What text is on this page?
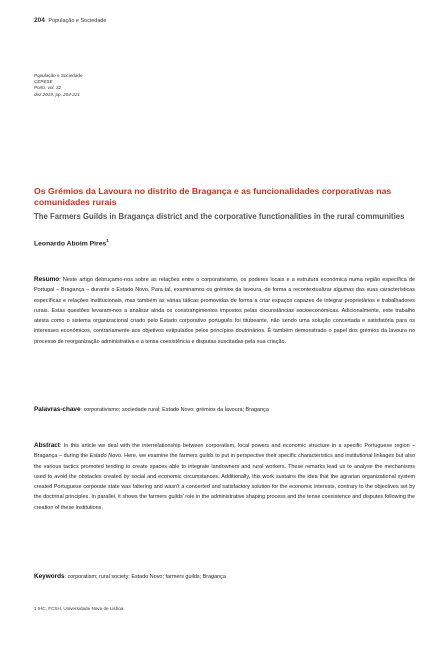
204 População e Sociedade
População e Sociedade
CEPESE
Porto, vol. 32
dez 2019, pp. 204-221
Os Grémios da Lavoura no distrito de Bragança e as funcionalidades corporativas nas comunidades rurais
The Farmers Guilds in Bragança district and the corporative functionalities in the rural communities
Leonardo Aboim Pires$^1$

Resumo: Neste artigo debruçamo-nos sobre as relações entre o corporativismo, os poderes locais e a estrutura económica numa região específica de Portugal – Bragança – durante o Estado Novo. Para tal, examinamos os grémios da lavoura, de forma a recontextualizar algumas das suas características específicas e relações institucionais, mas também as várias táticas promovidas de forma a criar espaços capazes de integrar proprietários e trabalhadores rurais. Estas questões levaram-nos a analisar ainda os constrangimentos impostos pelas circunstâncias socioeconómicas. Adicionalmente, este trabalho atesta como o sistema organizacional criado pelo Estado corporativo português foi titubeante, não sendo uma solução concertada e satisfatória para os interesses económicos, contrariamente aos objetivos estipulados pelos princípios doutrinários. É também demonstrado o papel dos grémios da lavoura no processo de reorganização administrativa e a tensa coexistência e disputas suscitadas pela sua criação.

Palavras-chave: corporativismo; sociedade rural; Estado Novo; grémios da lavoura; Bragança

Abstract: In this article we deal with the interrelationship between corporatism, local powers and economic structure in a specific Portuguese region – Bragança – during the Estado Novo. Here, we examine the farmers guilds to put in perspective their specific characteristics and institutional linkages but also the various tactics promoted tending to create spaces able to integrate landowners and rural workers. These remarks lead us to analyse the mechanisms used to avoid the obstacles created by social and economic circumstances. Additionally, this work sustains the idea that the agrarian organizational system created Portuguese corporate state was faltering and wasn't a concerted and satisfactory solution for the economic interests, contrary to the objectives set by the doctrinal principles. In parallel, it shows the farmers guilds' role in the administrative shaping process and the tense coexistence and disputes following the creation of these institutions.

Keywords: corporatism; rural society; Estado Novo; farmers guilds; Bragança

1 IHC, FCSH, Universidade Nova de Lisboa.
